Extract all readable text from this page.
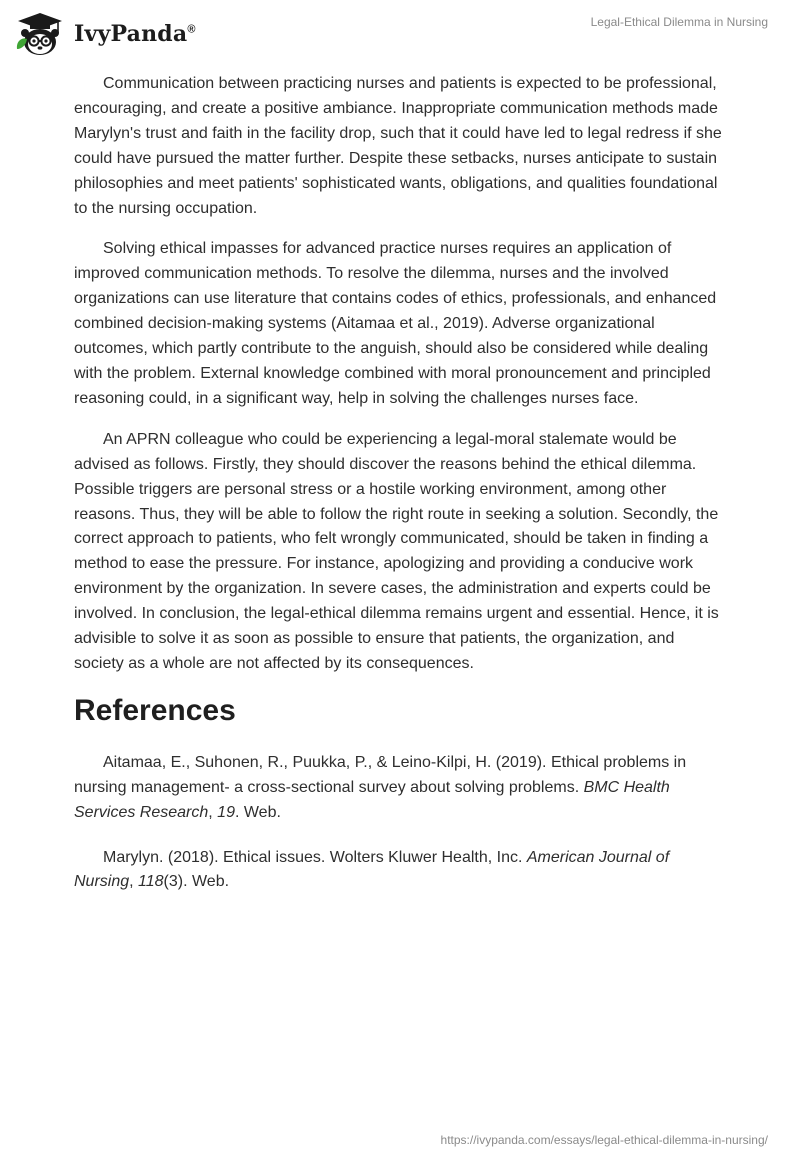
IvyPanda®
Legal-Ethical Dilemma in Nursing

Communication between practicing nurses and patients is expected to be professional, encouraging, and create a positive ambiance. Inappropriate communication methods made Marylyn's trust and faith in the facility drop, such that it could have led to legal redress if she could have pursued the matter further. Despite these setbacks, nurses anticipate to sustain philosophies and meet patients' sophisticated wants, obligations, and qualities foundational to the nursing occupation.

Solving ethical impasses for advanced practice nurses requires an application of improved communication methods. To resolve the dilemma, nurses and the involved organizations can use literature that contains codes of ethics, professionals, and enhanced combined decision-making systems (Aitamaa et al., 2019). Adverse organizational outcomes, which partly contribute to the anguish, should also be considered while dealing with the problem. External knowledge combined with moral pronouncement and principled reasoning could, in a significant way, help in solving the challenges nurses face.

An APRN colleague who could be experiencing a legal-moral stalemate would be advised as follows. Firstly, they should discover the reasons behind the ethical dilemma. Possible triggers are personal stress or a hostile working environment, among other reasons. Thus, they will be able to follow the right route in seeking a solution. Secondly, the correct approach to patients, who felt wrongly communicated, should be taken in finding a method to ease the pressure. For instance, apologizing and providing a conducive work environment by the organization. In severe cases, the administration and experts could be involved. In conclusion, the legal-ethical dilemma remains urgent and essential. Hence, it is advisible to solve it as soon as possible to ensure that patients, the organization, and society as a whole are not affected by its consequences.

References

Aitamaa, E., Suhonen, R., Puukka, P., & Leino-Kilpi, H. (2019). Ethical problems in nursing management- a cross-sectional survey about solving problems. BMC Health Services Research, 19. Web.

Marylyn. (2018). Ethical issues. Wolters Kluwer Health, Inc. American Journal of Nursing, 118(3). Web.

https://ivypanda.com/essays/legal-ethical-dilemma-in-nursing/
